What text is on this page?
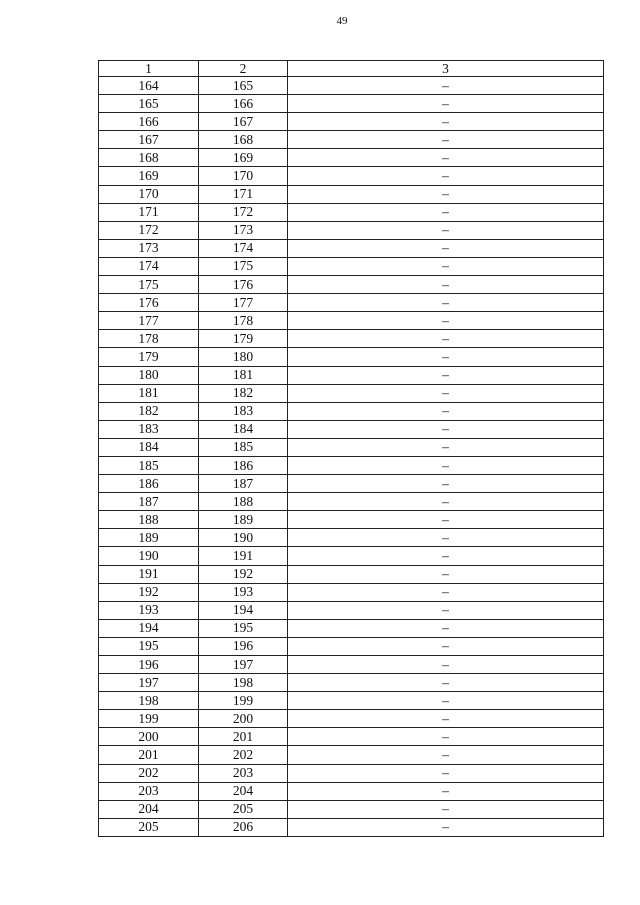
49
1	2	3
164	165	–
165	166	–
166	167	–
167	168	–
168	169	–
169	170	–
170	171	–
171	172	–
172	173	–
173	174	–
174	175	–
175	176	–
176	177	–
177	178	–
178	179	–
179	180	–
180	181	–
181	182	–
182	183	–
183	184	–
184	185	–
185	186	–
186	187	–
187	188	–
188	189	–
189	190	–
190	191	–
191	192	–
192	193	–
193	194	–
194	195	–
195	196	–
196	197	–
197	198	–
198	199	–
199	200	–
200	201	–
201	202	–
202	203	–
203	204	–
204	205	–
205	206	–
